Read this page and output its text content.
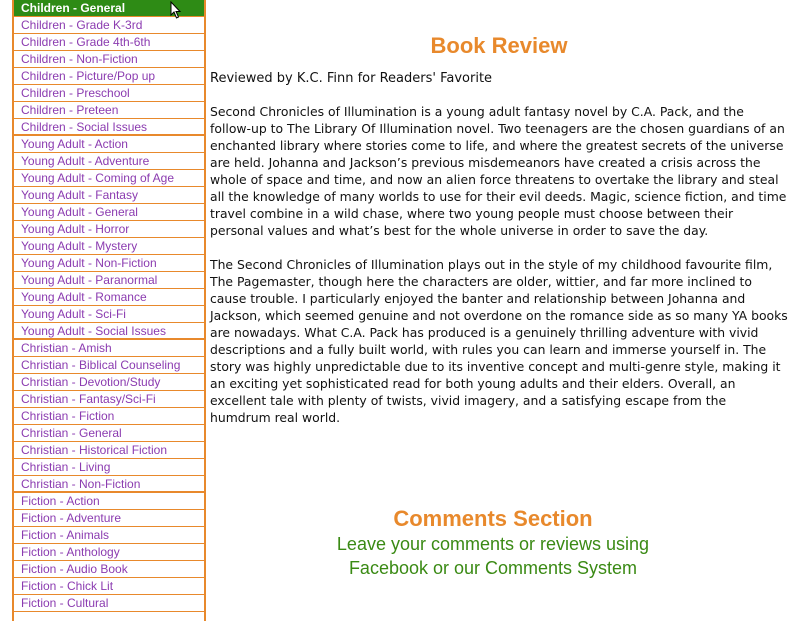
Children - General
Children - Grade K-3rd
Children - Grade 4th-6th
Children - Non-Fiction
Children - Picture/Pop up
Children - Preschool
Children - Preteen
Children - Social Issues
Young Adult - Action
Young Adult - Adventure
Young Adult - Coming of Age
Young Adult - Fantasy
Young Adult - General
Young Adult - Horror
Young Adult - Mystery
Young Adult - Non-Fiction
Young Adult - Paranormal
Young Adult - Romance
Young Adult - Sci-Fi
Young Adult - Social Issues
Christian - Amish
Christian - Biblical Counseling
Christian - Devotion/Study
Christian - Fantasy/Sci-Fi
Christian - Fiction
Christian - General
Christian - Historical Fiction
Christian - Living
Christian - Non-Fiction
Fiction - Action
Fiction - Adventure
Fiction - Animals
Fiction - Anthology
Fiction - Audio Book
Fiction - Chick Lit
Fiction - Cultural
Book Review
Reviewed by K.C. Finn for Readers' Favorite

Second Chronicles of Illumination is a young adult fantasy novel by C.A. Pack, and the follow-up to The Library Of Illumination novel. Two teenagers are the chosen guardians of an enchanted library where stories come to life, and where the greatest secrets of the universe are held. Johanna and Jackson’s previous misdemeanors have created a crisis across the whole of space and time, and now an alien force threatens to overtake the library and steal all the knowledge of many worlds to use for their evil deeds. Magic, science fiction, and time travel combine in a wild chase, where two young people must choose between their personal values and what’s best for the whole universe in order to save the day.

The Second Chronicles of Illumination plays out in the style of my childhood favourite film, The Pagemaster, though here the characters are older, wittier, and far more inclined to cause trouble. I particularly enjoyed the banter and relationship between Johanna and Jackson, which seemed genuine and not overdone on the romance side as so many YA books are nowadays. What C.A. Pack has produced is a genuinely thrilling adventure with vivid descriptions and a fully built world, with rules you can learn and immerse yourself in. The story was highly unpredictable due to its inventive concept and multi-genre style, making it an exciting yet sophisticated read for both young adults and their elders. Overall, an excellent tale with plenty of twists, vivid imagery, and a satisfying escape from the humdrum real world.

Comments Section
Leave your comments or reviews using
Facebook or our Comments System
